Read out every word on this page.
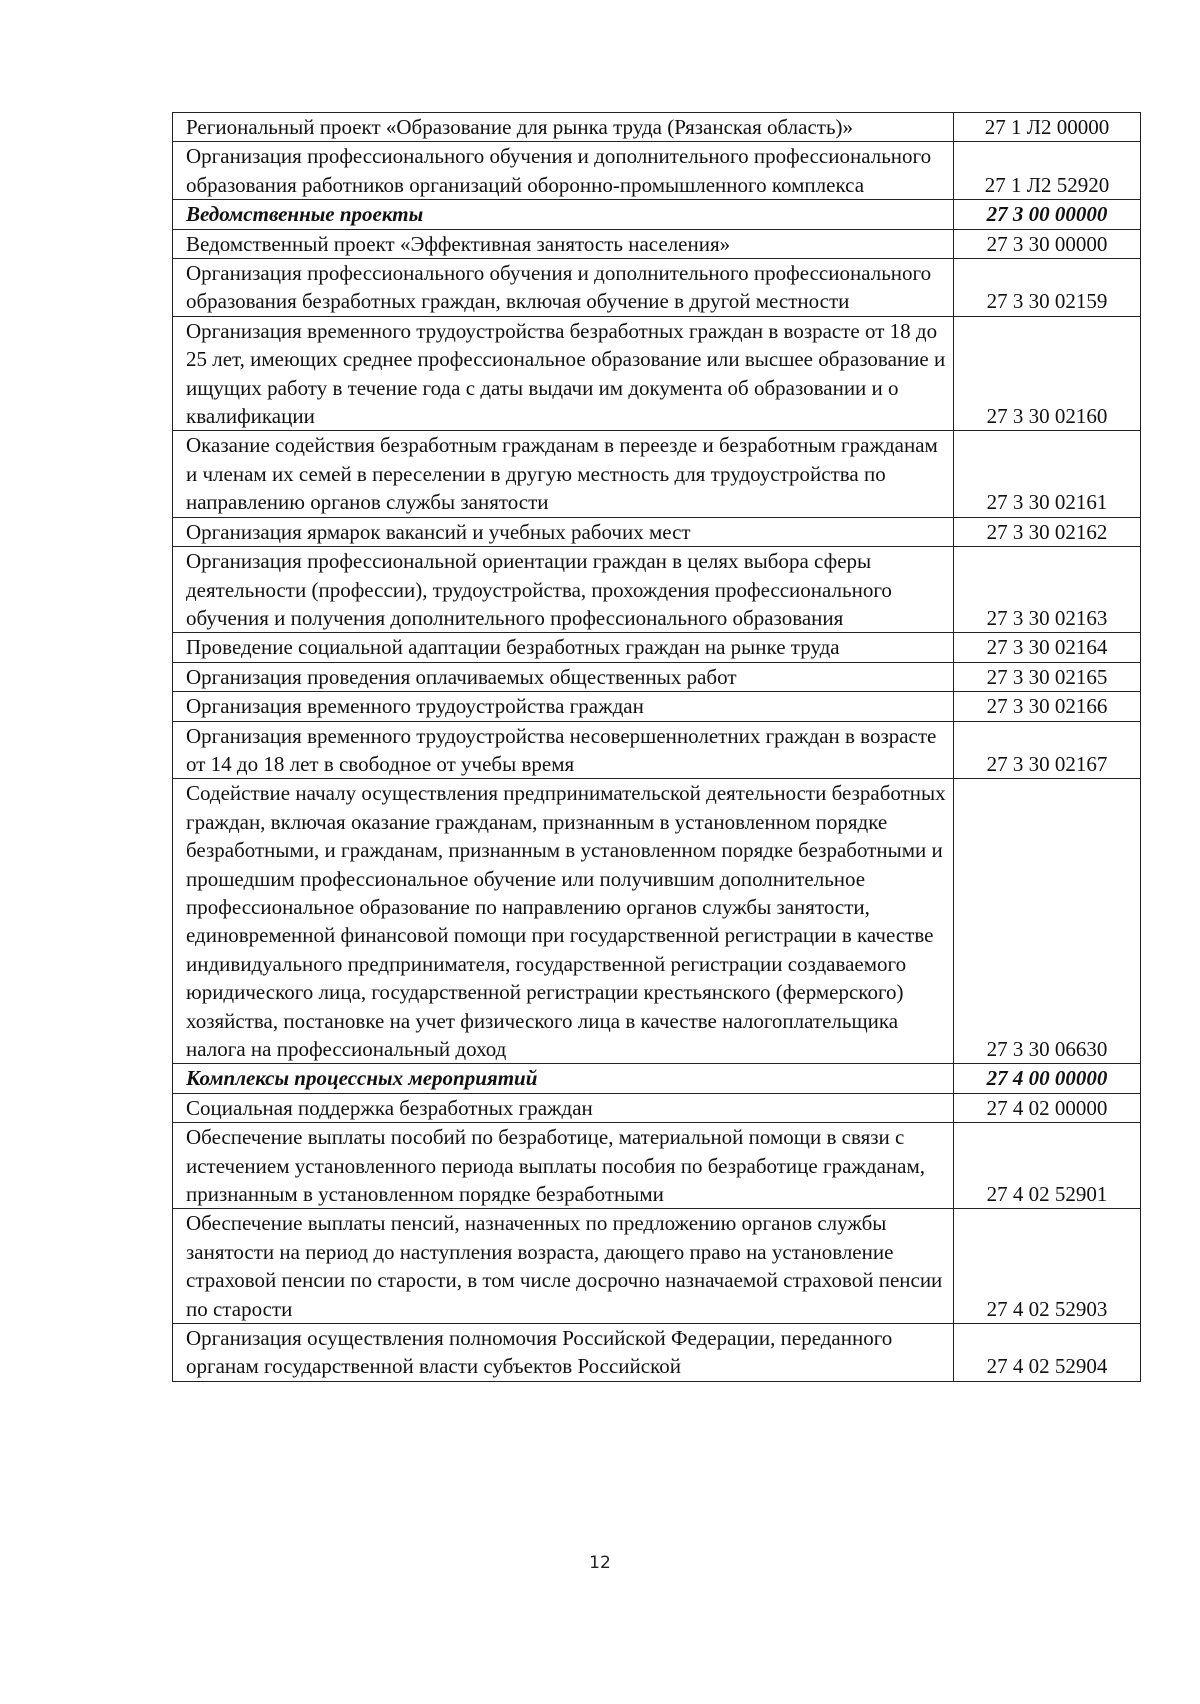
Региональный проект «Образование для рынка труда (Рязанская область)»	27 1 Л2 00000
Организация профессионального обучения и дополнительного профессионального образования работников организаций оборонно-промышленного комплекса	27 1 Л2 52920
Ведомственные проекты	27 3 00 00000
Ведомственный проект «Эффективная занятость населения»	27 3 30 00000
Организация профессионального обучения и дополнительного профессионального образования безработных граждан, включая обучение в другой местности	27 3 30 02159
Организация временного трудоустройства безработных граждан в возрасте от 18 до 25 лет, имеющих среднее профессиональное образование или высшее образование и ищущих работу в течение года с даты выдачи им документа об образовании и о квалификации	27 3 30 02160
Оказание содействия безработным гражданам в переезде и безработным гражданам и членам их семей в переселении в другую местность для трудоустройства по направлению органов службы занятости	27 3 30 02161
Организация ярмарок вакансий и учебных рабочих мест	27 3 30 02162
Организация профессиональной ориентации граждан в целях выбора сферы деятельности (профессии), трудоустройства, прохождения профессионального обучения и получения дополнительного профессионального образования	27 3 30 02163
Проведение социальной адаптации безработных граждан на рынке труда	27 3 30 02164
Организация проведения оплачиваемых общественных работ	27 3 30 02165
Организация временного трудоустройства граждан	27 3 30 02166
Организация временного трудоустройства несовершеннолетних граждан в возрасте от 14 до 18 лет в свободное от учебы время	27 3 30 02167
Содействие началу осуществления предпринимательской деятельности безработных граждан, включая оказание гражданам, признанным в установленном порядке безработными, и гражданам, признанным в установленном порядке безработными и прошедшим профессиональное обучение или получившим дополнительное профессиональное образование по направлению органов службы занятости, единовременной финансовой помощи при государственной регистрации в качестве индивидуального предпринимателя, государственной регистрации создаваемого юридического лица, государственной регистрации крестьянского (фермерского) хозяйства, постановке на учет физического лица в качестве налогоплательщика налога на профессиональный доход	27 3 30 06630
Комплексы процессных мероприятий	27 4 00 00000
Социальная поддержка безработных граждан	27 4 02 00000
Обеспечение выплаты пособий по безработице, материальной помощи в связи с истечением установленного периода выплаты пособия по безработице гражданам, признанным в установленном порядке безработными	27 4 02 52901
Обеспечение выплаты пенсий, назначенных по предложению органов службы занятости на период до наступления возраста, дающего право на установление страховой пенсии по старости, в том числе досрочно назначаемой страховой пенсии по старости	27 4 02 52903
Организация осуществления полномочия Российской Федерации, переданного органам государственной власти субъектов Российской	27 4 02 52904
12
